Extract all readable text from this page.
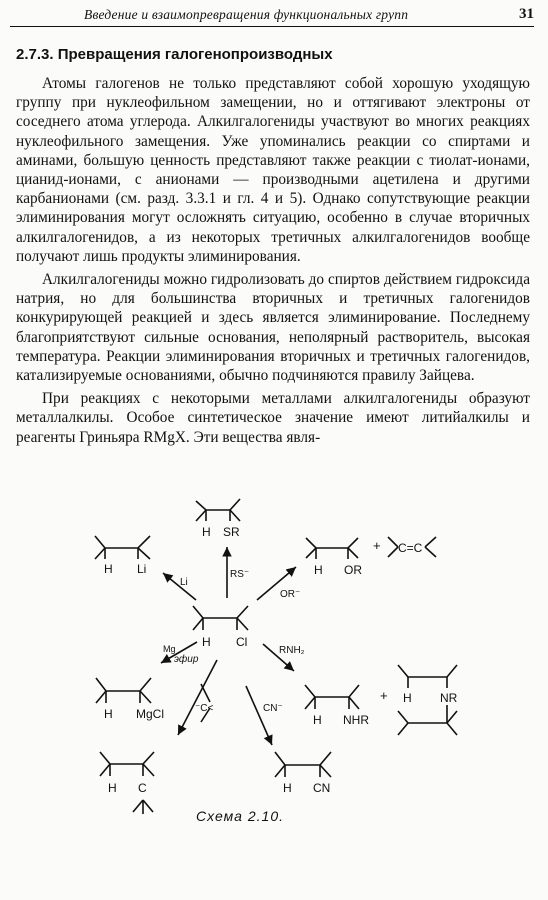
Введение и взаимопревращения функциональных групп	31
2.7.3. Превращения галогенопроизводных

Атомы галогенов не только представляют собой хорошую уходящую группу при нуклеофильном замещении, но и оттягивают электроны от соседнего атома углерода. Алкилгалогениды участвуют во многих реакциях нуклеофильного замещения. Уже упоминались реакции со спиртами и аминами, большую ценность представляют также реакции с тиолат-ионами, цианид-ионами, с анионами — производными ацетилена и другими карбанионами (см. разд. 3.3.1 и гл. 4 и 5). Однако сопутствующие реакции элиминирования могут осложнять ситуацию, особенно в случае вторичных алкилгалогенидов, а из некоторых третичных алкилгалогенидов вообще получают лишь продукты элиминирования.

Алкилгалогениды можно гидролизовать до спиртов действием гидроксида натрия, но для большинства вторичных и третичных галогенидов конкурирующей реакцией и здесь является элиминирование. Последнему благоприятствуют сильные основания, неполярный растворитель, высокая температура. Реакции элиминирования вторичных и третичных галогенидов, катализируемые основаниями, обычно подчиняются правилу Зайцева.

При реакциях с некоторыми металлами алкилгалогениды образуют металлалкилы. Особое синтетическое значение имеют литийалкилы и реагенты Гриньяра RMgX. Эти вещества явля-

H SR
H Li	H OR
+ C=C
H Cl
RS⁻
Li
OR⁻
Mg
эфир
RNH₂
⁻C<	CN⁻
H MgCl	H NHR
+ H NR
H C	H CN
Схема 2.10.
